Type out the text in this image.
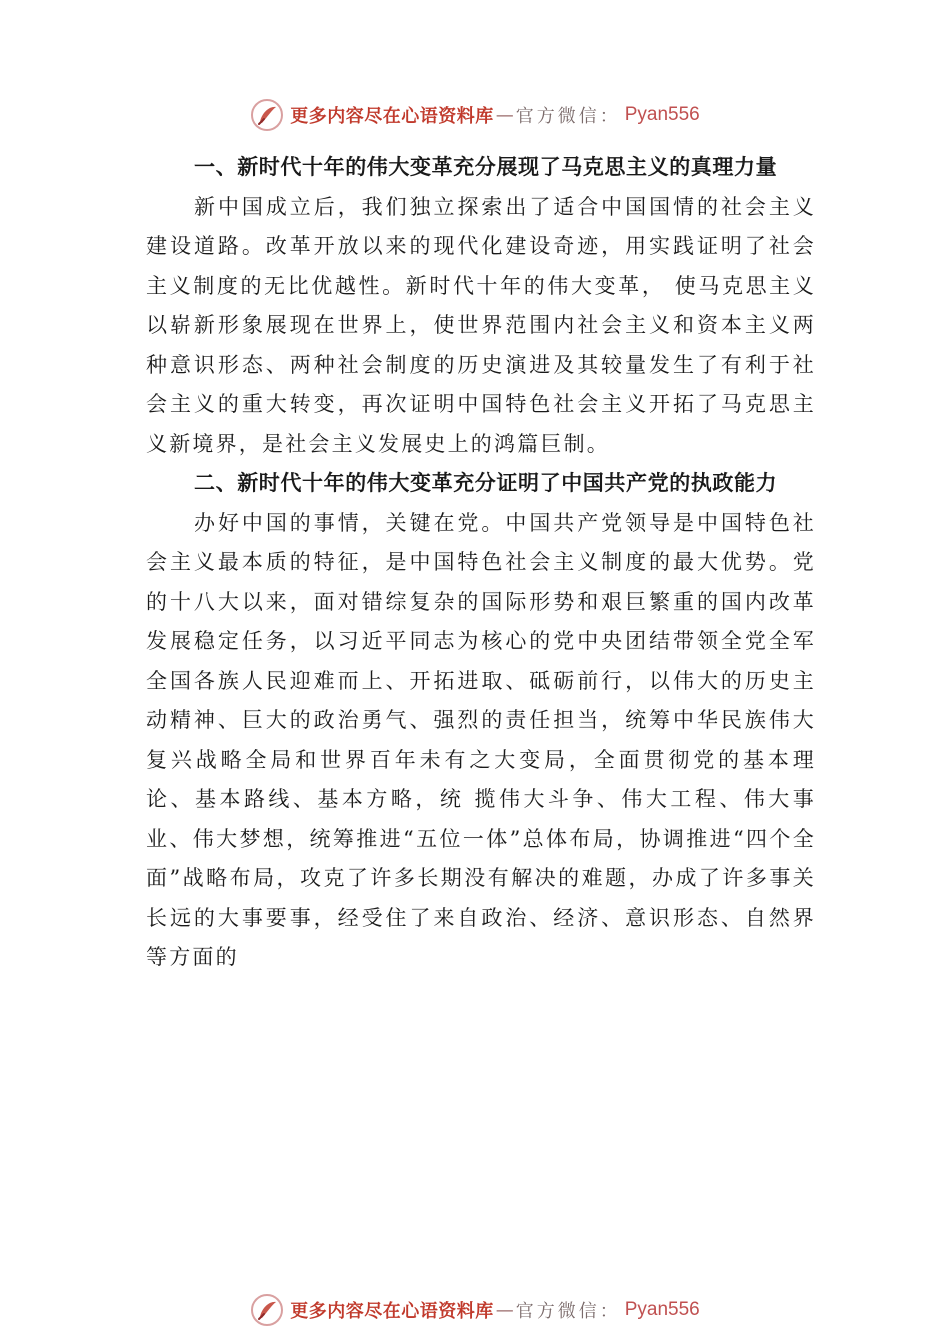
更多内容尽在心语资料库 — 官方微信： Pyan556

一、新时代十年的伟大变革充分展现了马克思主义的真理力量

新中国成立后，我们独立探索出了适合中国国情的社会主义建设道路。改革开放以来的现代化建设奇迹，用实践证明了社会主义制度的无比优越性。新时代十年的伟大变革， 使马克思主义以崭新形象展现在世界上，使世界范围内社会主义和资本主义两种意识形态、两种社会制度的历史演进及其较量发生了有利于社会主义的重大转变，再次证明中国特色社会主义开拓了马克思主义新境界，是社会主义发展史上的鸿篇巨制。

二、新时代十年的伟大变革充分证明了中国共产党的执政能力

办好中国的事情，关键在党。中国共产党领导是中国特色社会主义最本质的特征，是中国特色社会主义制度的最大优势。党的十八大以来，面对错综复杂的国际形势和艰巨繁重的国内改革发展稳定任务，以习近平同志为核心的党中央团结带领全党全军全国各族人民迎难而上、开拓进取、砥砺前行，以伟大的历史主动精神、巨大的政治勇气、强烈的责任担当，统筹中华民族伟大复兴战略全局和世界百年未有之大变局，全面贯彻党的基本理论、基本路线、基本方略，统 揽伟大斗争、伟大工程、伟大事业、伟大梦想，统筹推进“五位一体”总体布局，协调推进“四个全面”战略布局，攻克了许多长期没有解决的难题，办成了许多事关长远的大事要事，经受住了来自政治、经济、意识形态、自然界等方面的

更多内容尽在心语资料库 — 官方微信： Pyan556
